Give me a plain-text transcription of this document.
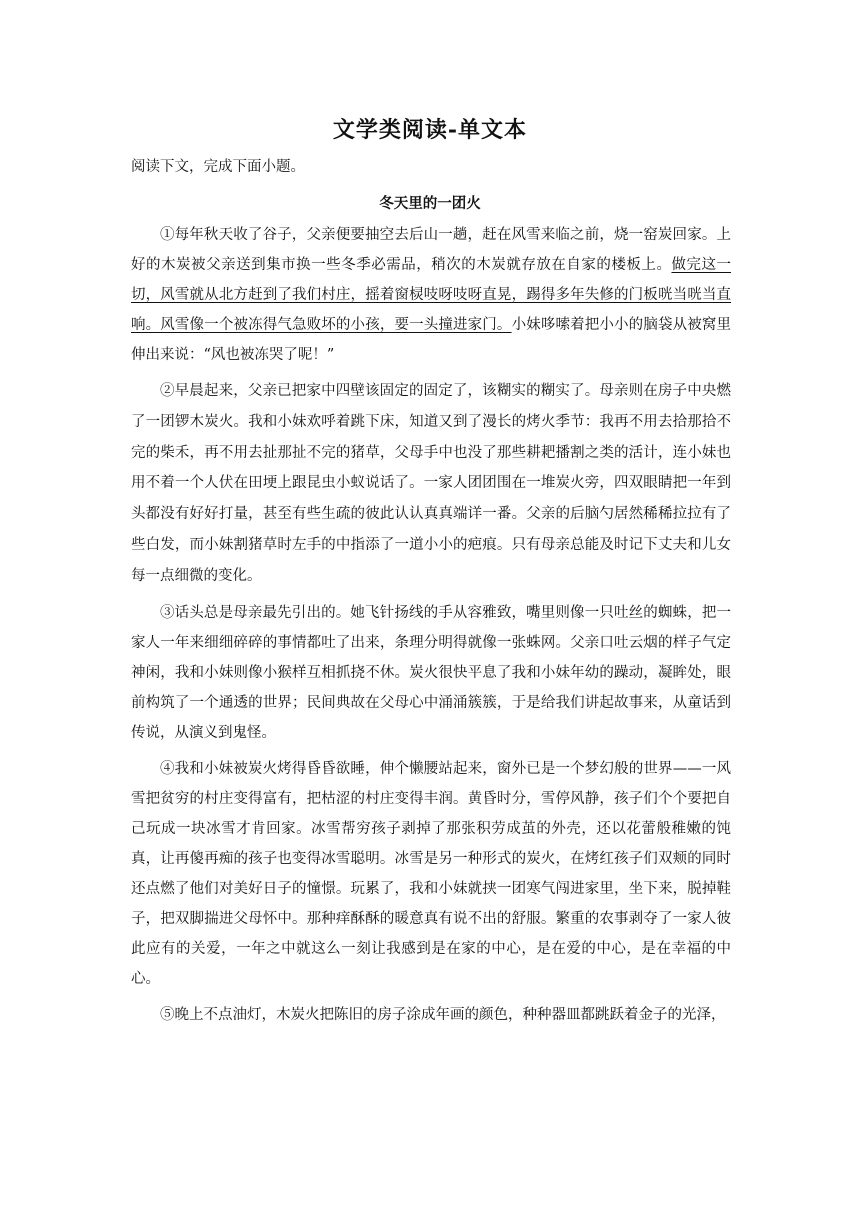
文学类阅读-单文本

阅读下文，完成下面小题。

冬天里的一团火

①每年秋天收了谷子，父亲便要抽空去后山一趟，赶在风雪来临之前，烧一窑炭回家。上好的木炭被父亲送到集市换一些冬季必需品，稍次的木炭就存放在自家的楼板上。做完这一切，风雪就从北方赶到了我们村庄，摇着窗棂吱呀吱呀直晃，踢得多年失修的门板咣当咣当直响。风雪像一个被冻得气急败坏的小孩，要一头撞进家门。小妹哆嗦着把小小的脑袋从被窝里伸出来说：“风也被冻哭了呢！”

②早晨起来，父亲已把家中四壁该固定的固定了，该糊实的糊实了。母亲则在房子中央燃了一团锣木炭火。我和小妹欢呼着跳下床，知道又到了漫长的烤火季节：我再不用去拾那拾不完的柴禾，再不用去扯那扯不完的猪草，父母手中也没了那些耕耙播割之类的活计，连小妹也用不着一个人伏在田埂上跟昆虫小蚁说话了。一家人团团围在一堆炭火旁，四双眼睛把一年到头都没有好好打量，甚至有些生疏的彼此认认真真端详一番。父亲的后脑勺居然稀稀拉拉有了些白发，而小妹割猪草时左手的中指添了一道小小的疤痕。只有母亲总能及时记下丈夫和儿女每一点细微的变化。

③话头总是母亲最先引出的。她飞针扬线的手从容雅致，嘴里则像一只吐丝的蜘蛛，把一家人一年来细细碎碎的事情都吐了出来，条理分明得就像一张蛛网。父亲口吐云烟的样子气定神闲，我和小妹则像小猴样互相抓挠不休。炭火很快平息了我和小妹年幼的躁动，凝眸处，眼前构筑了一个通透的世界；民间典故在父母心中涌涌簇簇，于是给我们讲起故事来，从童话到传说，从演义到鬼怪。

④我和小妹被炭火烤得昏昏欲睡，伸个懒腰站起来，窗外已是一个梦幻般的世界——一风雪把贫穷的村庄变得富有，把枯涩的村庄变得丰润。黄昏时分，雪停风静，孩子们个个要把自己玩成一块冰雪才肯回家。冰雪帮穷孩子剥掉了那张积劳成茧的外壳，还以花蕾般稚嫩的饨真，让再傻再痴的孩子也变得冰雪聪明。冰雪是另一种形式的炭火，在烤红孩子们双颊的同时还点燃了他们对美好日子的憧憬。玩累了，我和小妹就挟一团寒气闯进家里，坐下来，脱掉鞋子，把双脚揣进父母怀中。那种痒酥酥的暖意真有说不出的舒服。繁重的农事剥夺了一家人彼此应有的关爱，一年之中就这么一刻让我感到是在家的中心，是在爱的中心，是在幸福的中心。

⑤晚上不点油灯，木炭火把陈旧的房子涂成年画的颜色，种种器皿都跳跃着金子的光泽，
